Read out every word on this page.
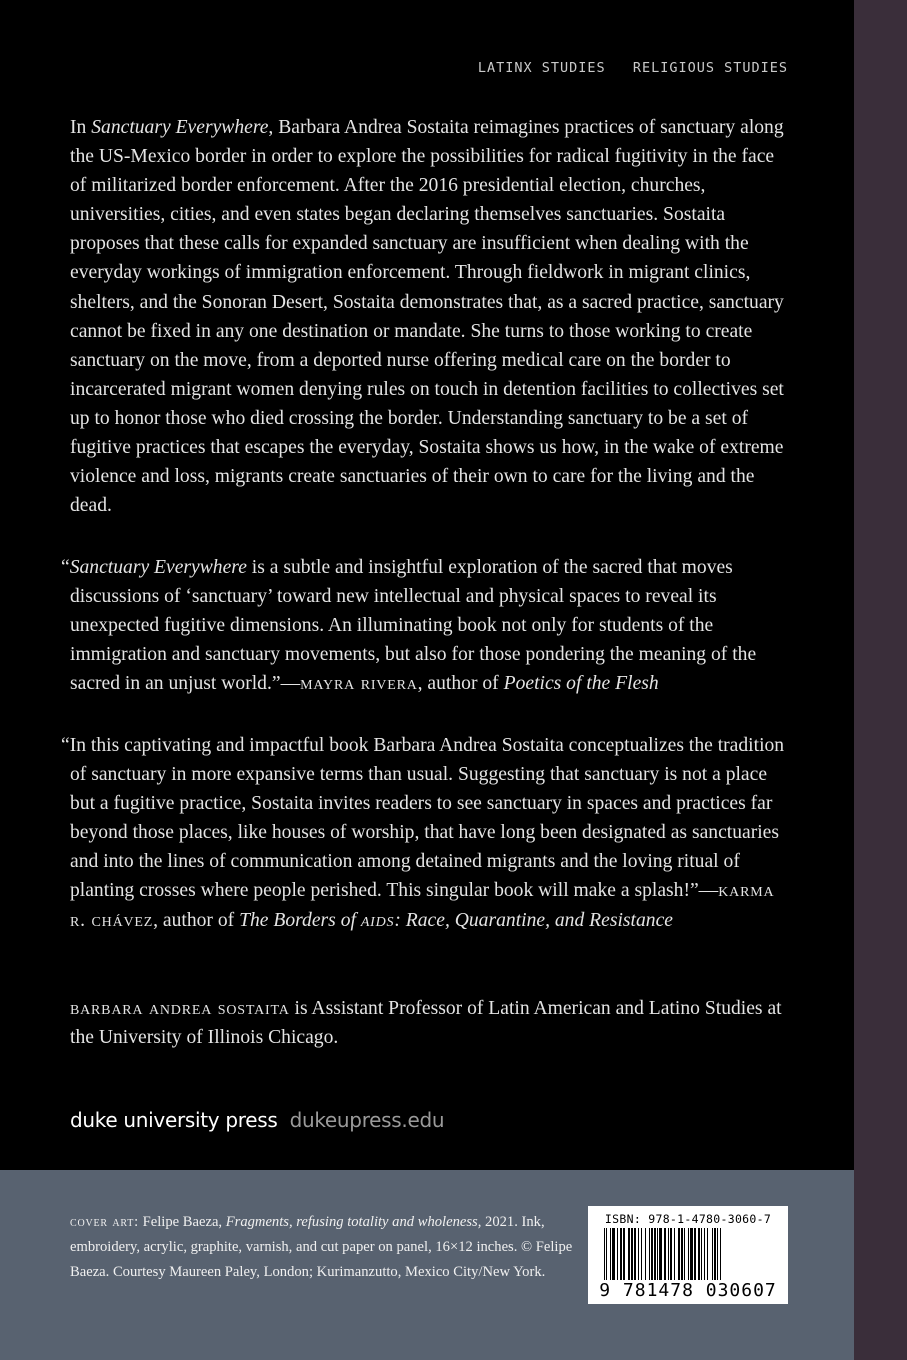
LATINX STUDIES RELIGIOUS STUDIES
In Sanctuary Everywhere, Barbara Andrea Sostaita reimagines practices of sanctuary along the US-Mexico border in order to explore the possibilities for radical fugitivity in the face of militarized border enforcement. After the 2016 presidential election, churches, universities, cities, and even states began declaring themselves sanctuaries. Sostaita proposes that these calls for expanded sanctuary are insufficient when dealing with the everyday workings of immigration enforcement. Through fieldwork in migrant clinics, shelters, and the Sonoran Desert, Sostaita demonstrates that, as a sacred practice, sanctuary cannot be fixed in any one destination or mandate. She turns to those working to create sanctuary on the move, from a deported nurse offering medical care on the border to incarcerated migrant women denying rules on touch in detention facilities to collectives set up to honor those who died crossing the border. Understanding sanctuary to be a set of fugitive practices that escapes the everyday, Sostaita shows us how, in the wake of extreme violence and loss, migrants create sanctuaries of their own to care for the living and the dead.
“Sanctuary Everywhere is a subtle and insightful exploration of the sacred that moves discussions of ‘sanctuary’ toward new intellectual and physical spaces to reveal its unexpected fugitive dimensions. An illuminating book not only for students of the immigration and sanctuary movements, but also for those pondering the meaning of the sacred in an unjust world.”—mayra rivera, author of Poetics of the Flesh
“In this captivating and impactful book Barbara Andrea Sostaita conceptualizes the tradition of sanctuary in more expansive terms than usual. Suggesting that sanctuary is not a place but a fugitive practice, Sostaita invites readers to see sanctuary in spaces and practices far beyond those places, like houses of worship, that have long been designated as sanctuaries and into the lines of communication among detained migrants and the loving ritual of planting crosses where people perished. This singular book will make a splash!”—karma r. chávez, author of The Borders of aids: Race, Quarantine, and Resistance
barbara andrea sostaita is Assistant Professor of Latin American and Latino Studies at the University of Illinois Chicago.
duke university press dukeupress.edu
cover art: Felipe Baeza, Fragments, refusing totality and wholeness, 2021. Ink, embroidery, acrylic, graphite, varnish, and cut paper on panel, 16×12 inches. © Felipe Baeza. Courtesy Maureen Paley, London; Kurimanzutto, Mexico City/New York.
ISBN: 978-1-4780-3060-7
9 781478 030607
